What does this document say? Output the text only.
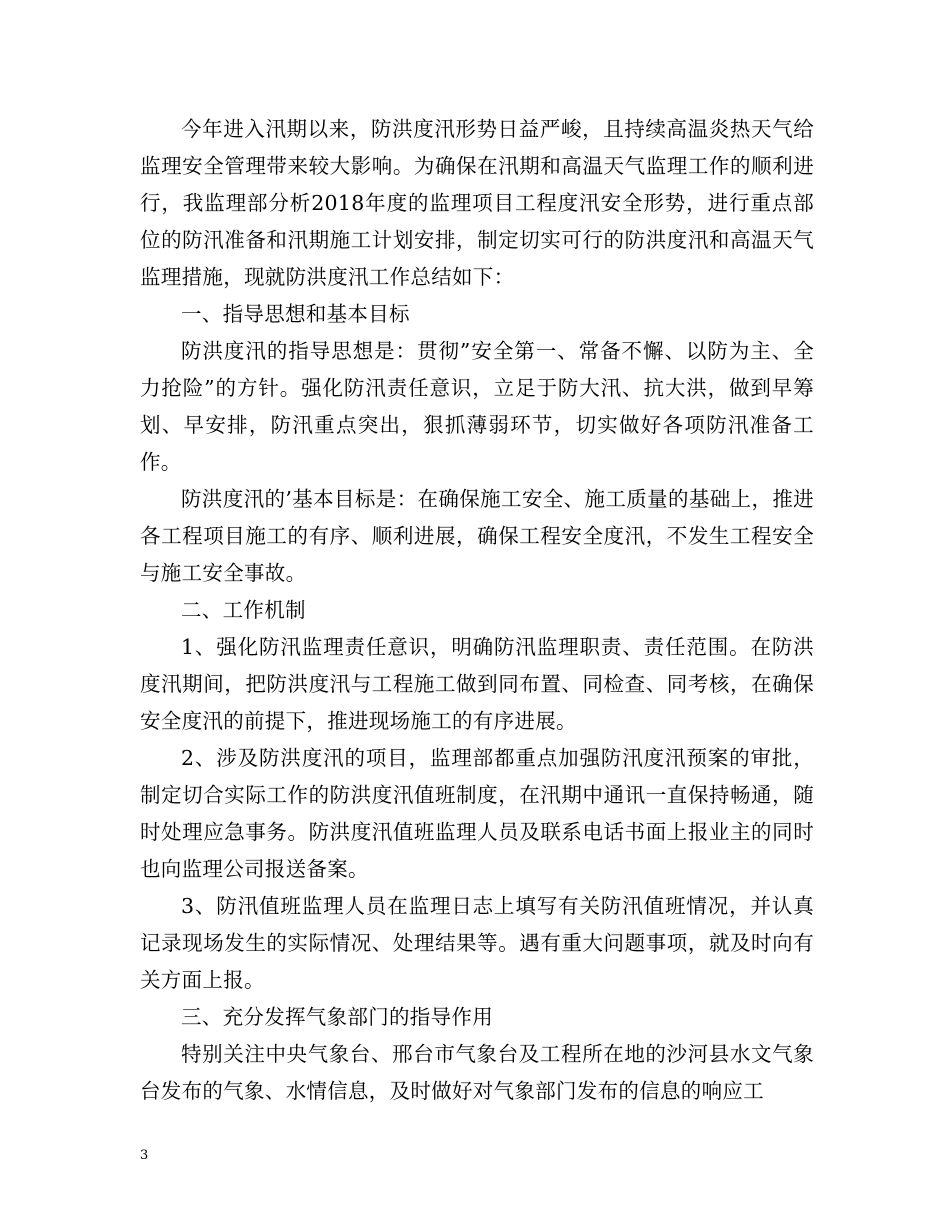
今年进入汛期以来，防洪度汛形势日益严峻，且持续高温炎热天气给监理安全管理带来较大影响。为确保在汛期和高温天气监理工作的顺利进行，我监理部分析2018年度的监理项目工程度汛安全形势，进行重点部位的防汛准备和汛期施工计划安排，制定切实可行的防洪度汛和高温天气监理措施，现就防洪度汛工作总结如下：

一、指导思想和基本目标

防洪度汛的指导思想是：贯彻”安全第一、常备不懈、以防为主、全力抢险”的方针。强化防汛责任意识，立足于防大汛、抗大洪，做到早筹划、早安排，防汛重点突出，狠抓薄弱环节，切实做好各项防汛准备工作。

防洪度汛的’基本目标是：在确保施工安全、施工质量的基础上，推进各工程项目施工的有序、顺利进展，确保工程安全度汛，不发生工程安全与施工安全事故。

二、工作机制

1、强化防汛监理责任意识，明确防汛监理职责、责任范围。在防洪度汛期间，把防洪度汛与工程施工做到同布置、同检查、同考核，在确保安全度汛的前提下，推进现场施工的有序进展。

2、涉及防洪度汛的项目，监理部都重点加强防汛度汛预案的审批，制定切合实际工作的防洪度汛值班制度，在汛期中通讯一直保持畅通，随时处理应急事务。防洪度汛值班监理人员及联系电话书面上报业主的同时也向监理公司报送备案。

3、防汛值班监理人员在监理日志上填写有关防汛值班情况，并认真记录现场发生的实际情况、处理结果等。遇有重大问题事项，就及时向有关方面上报。

三、充分发挥气象部门的指导作用

特别关注中央气象台、邢台市气象台及工程所在地的沙河县水文气象台发布的气象、水情信息，及时做好对气象部门发布的信息的响应工

3
